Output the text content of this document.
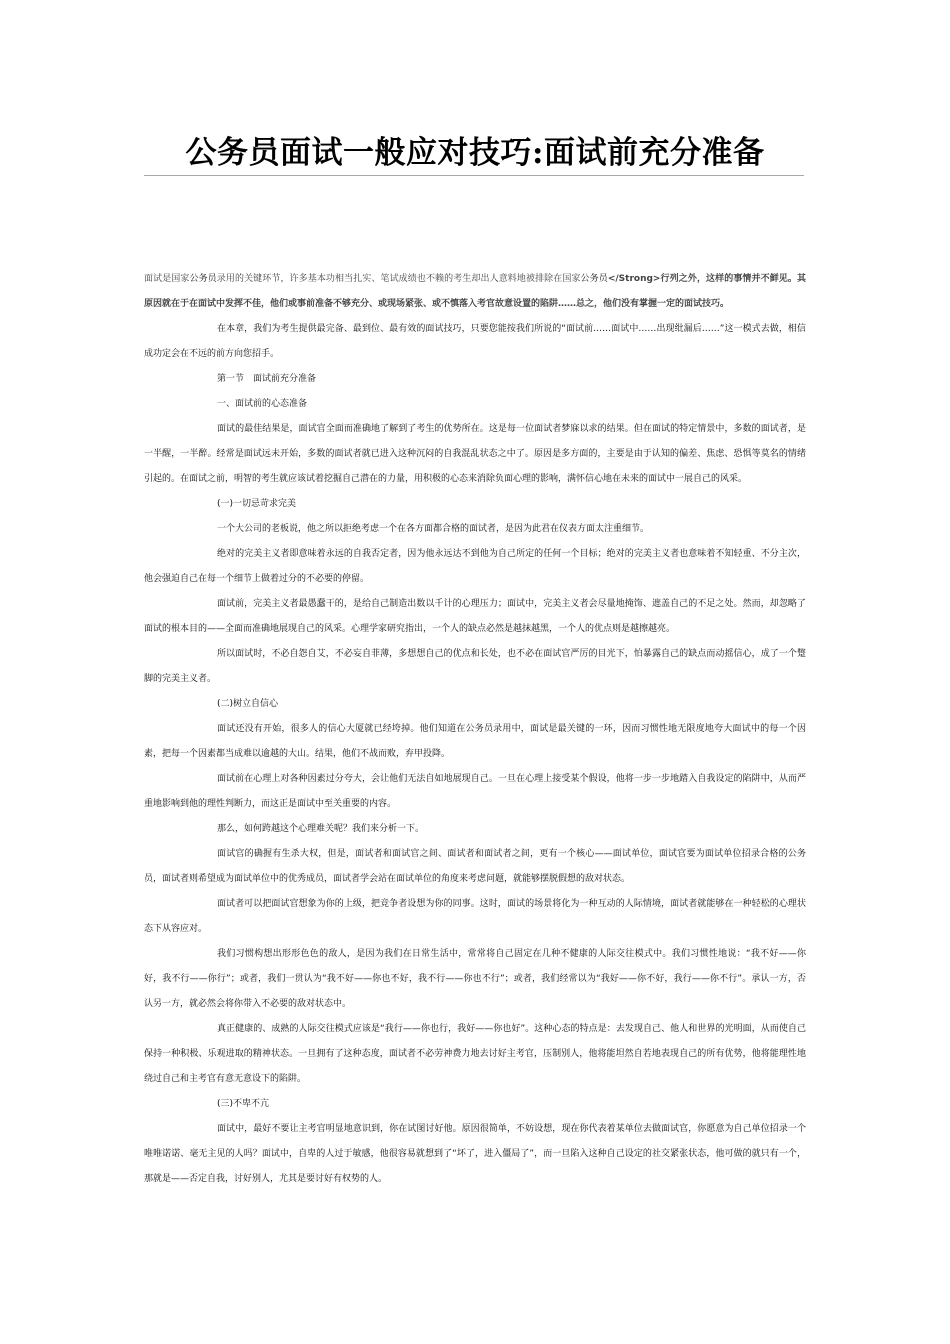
公务员面试一般应对技巧:面试前充分准备

面试是国家公务员录用的关键环节，许多基本功相当扎实、笔试成绩也不赖的考生却出人意料地被排除在国家公务员</Strong>行列之外，这样的事情并不鲜见。其原因就在于在面试中发挥不佳，他们或事前准备不够充分、或现场紧张、或不慎落入考官故意设置的陷阱……总之，他们没有掌握一定的面试技巧。

在本章，我们为考生提供最完备、最到位、最有效的面试技巧，只要您能按我们所说的“面试前……面试中……出现纰漏后……”这一模式去做，相信成功定会在不远的前方向您招手。

第一节　面试前充分准备

一、面试前的心态准备

面试的最佳结果是，面试官全面而准确地了解到了考生的优势所在。这是每一位面试者梦寐以求的结果。但在面试的特定情景中，多数的面试者，是一半醒，一半醉。经常是面试远未开始，多数的面试者就已进入这种沉闷的自我混乱状态之中了。原因是多方面的，主要是由于认知的偏差、焦虑、恐惧等莫名的情绪引起的。在面试之前，明智的考生就应该试着挖掘自己潜在的力量，用积极的心态来消除负面心理的影响，满怀信心地在未来的面试中一展自己的风采。

(一)一切忌苛求完美

一个大公司的老板说，他之所以拒绝考虑一个在各方面都合格的面试者，是因为此君在仪表方面太注重细节。

绝对的完美主义者即意味着永远的自我否定者，因为他永远达不到他为自己所定的任何一个目标；绝对的完美主义者也意味着不知轻重、不分主次，他会强迫自己在每一个细节上做着过分的不必要的停留。

面试前，完美主义者最愚蠢干的，是给自己制造出数以千计的心理压力；面试中，完美主义者会尽量地掩饰、遮盖自己的不足之处。然而，却忽略了面试的根本目的——全面而准确地展现自己的风采。心理学家研究指出，一个人的缺点必然是越抹越黑，一个人的优点则是越擦越亮。

所以面试时，不必自怨自艾，不必妄自菲薄，多想想自己的优点和长处，也不必在面试官严厉的目光下，怕暴露自己的缺点而动摇信心，成了一个蹩脚的完美主义者。

(二)树立自信心

面试还没有开始，很多人的信心大厦就已经垮掉。他们知道在公务员录用中，面试是最关键的一环，因而习惯性地无限度地夸大面试中的每一个因素，把每一个因素都当成难以逾越的大山。结果，他们不战而败，弃甲投降。

面试前在心理上对各种因素过分夸大，会让他们无法自如地展现自己。一旦在心理上接受某个假设，他将一步一步地踏入自我设定的陷阱中，从而严重地影响到他的理性判断力，而这正是面试中至关重要的内容。

那么，如何跨越这个心理难关呢？我们来分析一下。

面试官的确握有生杀大权，但是，面试者和面试官之间、面试者和面试者之间，更有一个核心——面试单位，面试官要为面试单位招录合格的公务员，面试者则希望成为面试单位中的优秀成员，面试者学会站在面试单位的角度来考虑问题，就能够摆脱假想的敌对状态。

面试者可以把面试官想象为你的上级，把竞争者设想为你的同事。这时，面试的场景将化为一种互动的人际情境，面试者就能够在一种轻松的心理状态下从容应对。

我们习惯构想出形形色色的敌人，是因为我们在日常生活中，常常将自己固定在几种不健康的人际交往模式中。我们习惯性地说：“我不好——你好，我不行——你行”；或者，我们一贯认为“我不好——你也不好，我不行——你也不行”；或者，我们经常以为“我好——你不好，我行——你不行”。承认一方，否认另一方，就必然会将你带入不必要的敌对状态中。

真正健康的、成熟的人际交往模式应该是“我行——你也行，我好——你也好”。这种心态的特点是：去发现自己、他人和世界的光明面，从而使自己保持一种积极、乐观进取的精神状态。一旦拥有了这种态度，面试者不必劳神费力地去讨好主考官，压制别人，他将能坦然自若地表现自己的所有优势，他将能理性地绕过自己和主考官有意无意设下的陷阱。

(三)不卑不亢

面试中，最好不要让主考官明显地意识到，你在试图讨好他。原因很简单，不妨设想，现在你代表着某单位去做面试官，你愿意为自己单位招录一个唯唯诺诺、毫无主见的人吗？面试中，自卑的人过于敏感，他很容易就想到了“坏了，进入僵局了”，而一旦陷入这种自己设定的社交紧张状态，他可做的就只有一个，那就是——否定自我，讨好别人，尤其是要讨好有权势的人。
